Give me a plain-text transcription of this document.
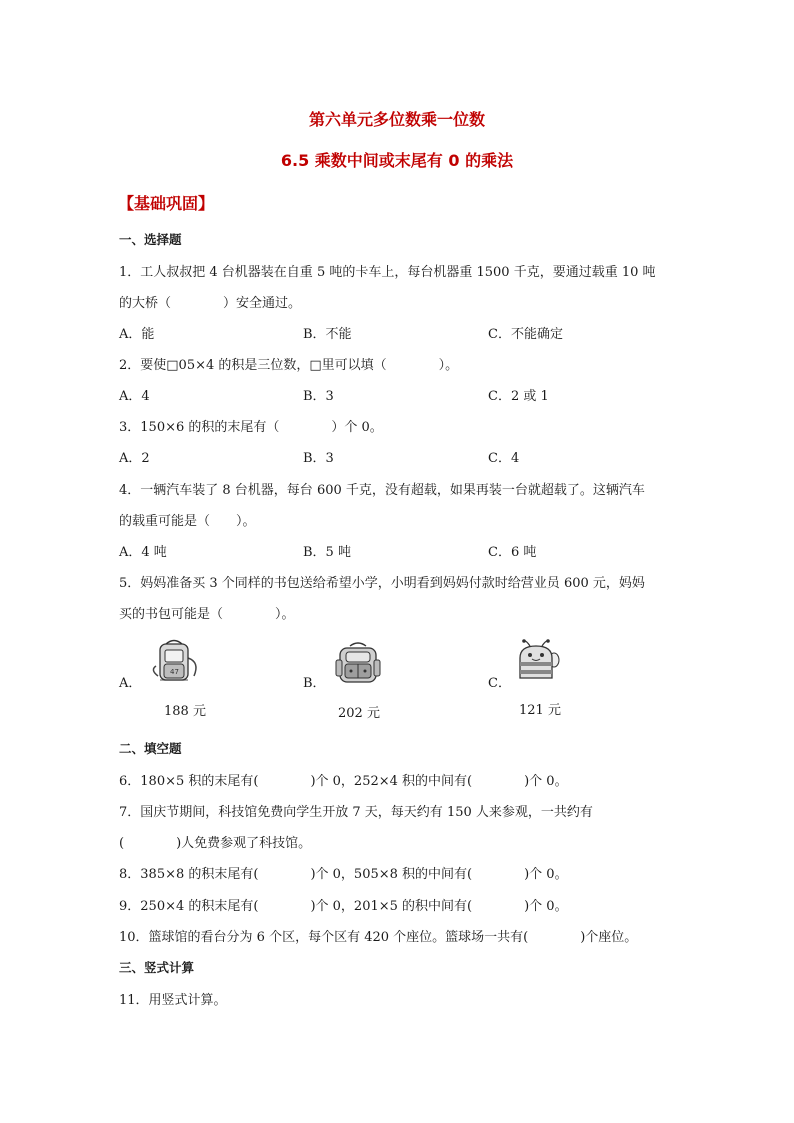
第六单元多位数乘一位数
6.5 乘数中间或末尾有 0 的乘法
【基础巩固】
一、选择题
1．工人叔叔把 4 台机器装在自重 5 吨的卡车上，每台机器重 1500 千克，要通过载重 10 吨
的大桥（　　　　）安全通过。
A．能	B．不能	C．不能确定
2．要使□05×4 的积是三位数，□里可以填（　　　　）。
A．4	B．3	C．2 或 1
3．150×6 的积的末尾有（　　　　）个 0。
A．2	B．3	C．4
4．一辆汽车装了 8 台机器，每台 600 千克，没有超载，如果再装一台就超载了。这辆汽车
的载重可能是（　　）。
A．4 吨	B．5 吨	C．6 吨
5．妈妈准备买 3 个同样的书包送给希望小学，小明看到妈妈付款时给营业员 600 元，妈妈
买的书包可能是（　　　　）。
A．	B．	C．
47
188 元	202 元	121 元
二、填空题
6．180×5 积的末尾有(　　　　)个 0，252×4 积的中间有(　　　　)个 0。
7．国庆节期间，科技馆免费向学生开放 7 天，每天约有 150 人来参观，一共约有
(　　　　)人免费参观了科技馆。
8．385×8 的积末尾有(　　　　)个 0，505×8 积的中间有(　　　　)个 0。
9．250×4 的积末尾有(　　　　)个 0，201×5 的积中间有(　　　　)个 0。
10．篮球馆的看台分为 6 个区，每个区有 420 个座位。篮球场一共有(　　　　)个座位。
三、竖式计算
11．用竖式计算。
